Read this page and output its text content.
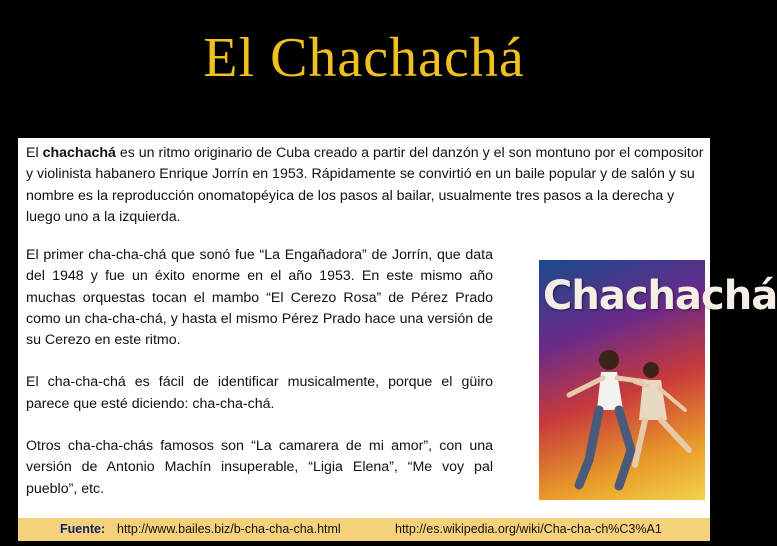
El Chachachá

El chachachá es un ritmo originario de Cuba creado a partir del danzón y el son montuno por el compositor y violinista habanero Enrique Jorrín en 1953. Rápidamente se convirtió en un baile popular y de salón y su nombre es la reproducción onomatopéyica de los pasos al bailar, usualmente tres pasos a la derecha y luego uno a la izquierda.

El primer cha-cha-chá que sonó fue “La Engañadora” de Jorrín, que data del 1948 y fue un éxito enorme en el año 1953. En este mismo año muchas orquestas tocan el mambo “El Cerezo Rosa” de Pérez Prado como un cha-cha-chá, y hasta el mismo Pérez Prado hace una versión de su Cerezo en este ritmo.

El cha-cha-chá es fácil de identificar musicalmente, porque el güiro parece que esté diciendo: cha-cha-chá.

Otros cha-cha-chás famosos son “La camarera de mi amor”, con una versión de Antonio Machín insuperable, “Ligia Elena”, “Me voy pal pueblo”, etc.

Chachachá
Fuente: http://www.bailes.biz/b-cha-cha-cha.html	http://es.wikipedia.org/wiki/Cha-cha-ch%C3%A1
